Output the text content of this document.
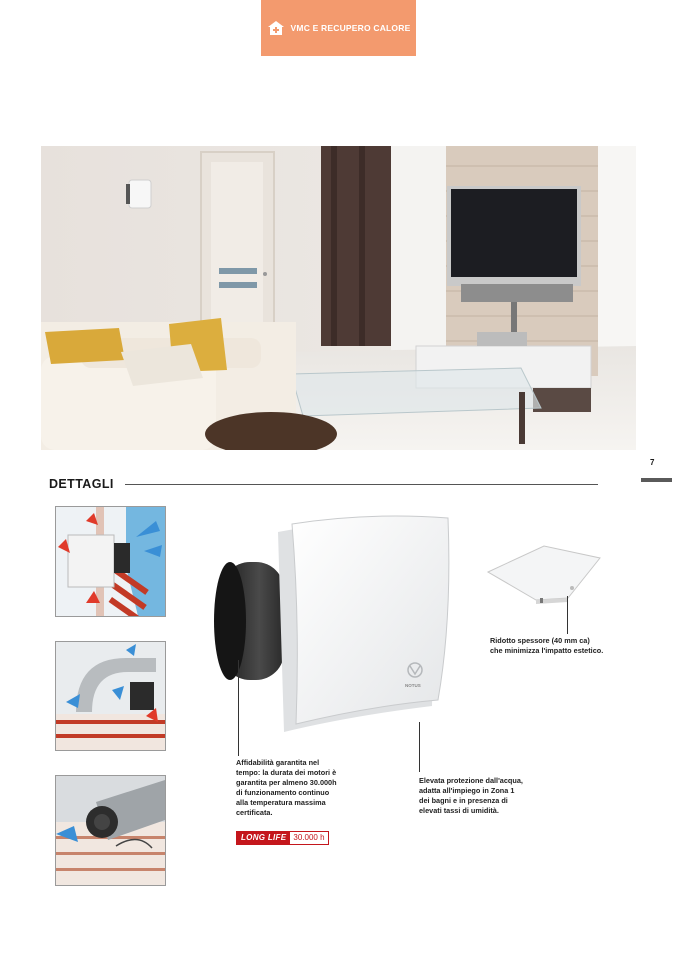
VMC E RECUPERO CALORE
7
DETTAGLI
NOTUS
Ridotto spessore (40 mm ca)
che minimizza l'impatto estetico.
Affidabilità garantita nel
tempo: la durata dei motori è
garantita per almeno 30.000h
di funzionamento continuo
alla temperatura massima
certificata.
Elevata protezione dall'acqua,
adatta all'impiego in Zona 1
dei bagni e in presenza di
elevati tassi di umidità.
LONG LIFE 30.000 h
